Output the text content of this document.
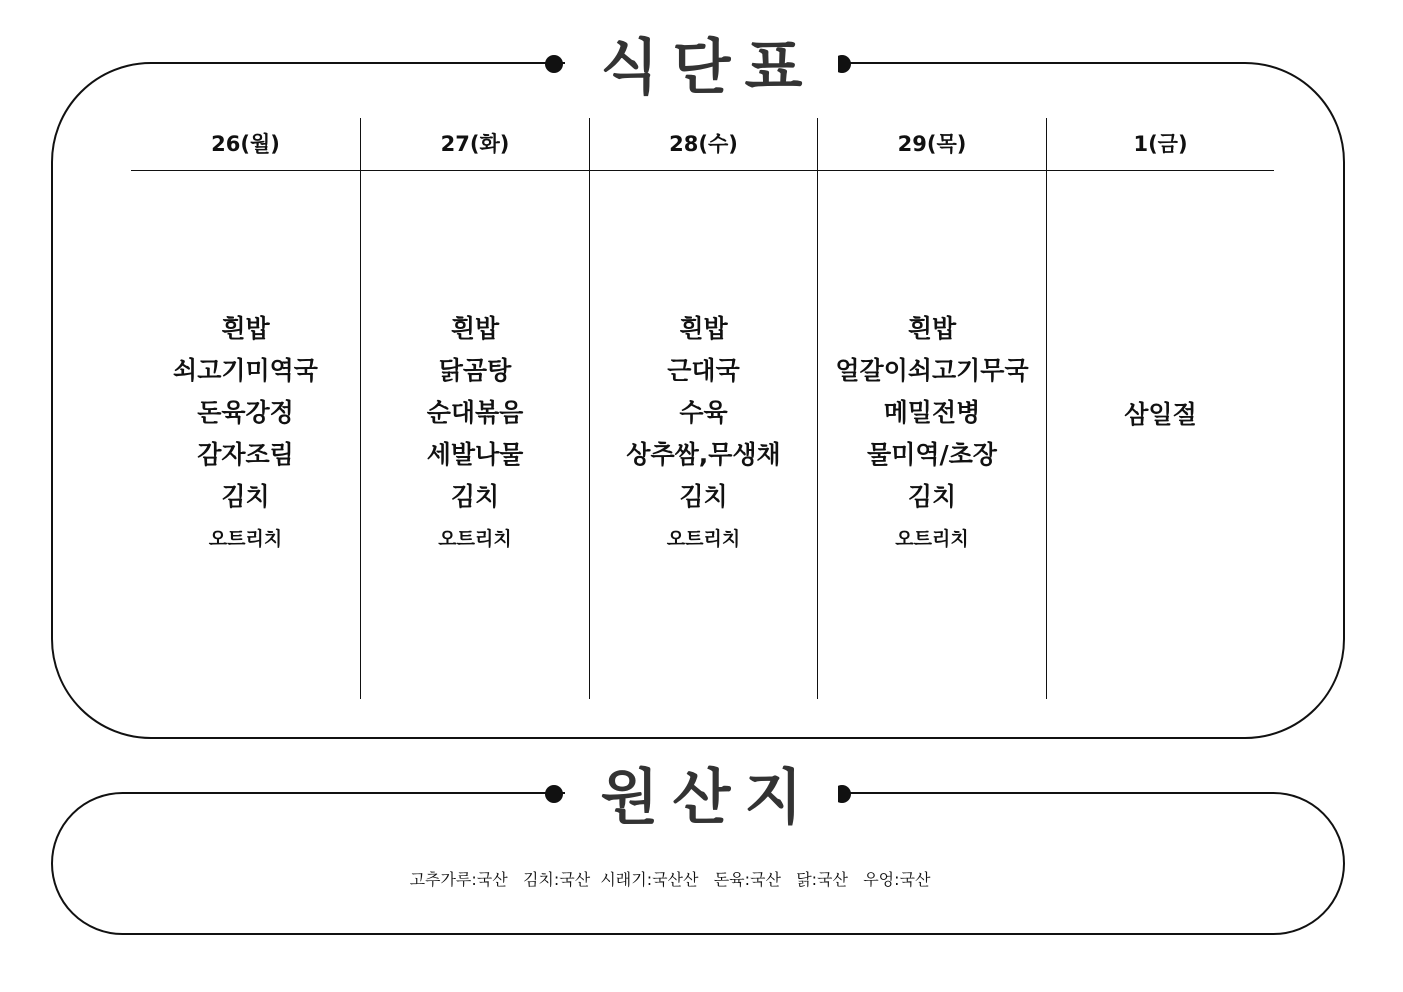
식단표
26(월)
흰밥
쇠고기미역국
돈육강정
감자조림
김치
오트리치
27(화)
흰밥
닭곰탕
순대볶음
세발나물
김치
오트리치
28(수)
흰밥
근대국
수육
상추쌈,무생채
김치
오트리치
29(목)
흰밥
얼갈이쇠고기무국
메밀전병
물미역/초장
김치
오트리치
1(금)
삼일절
원산지
고추가루:국산   김치:국산  시래기:국산산   돈육:국산   닭:국산   우엉:국산
